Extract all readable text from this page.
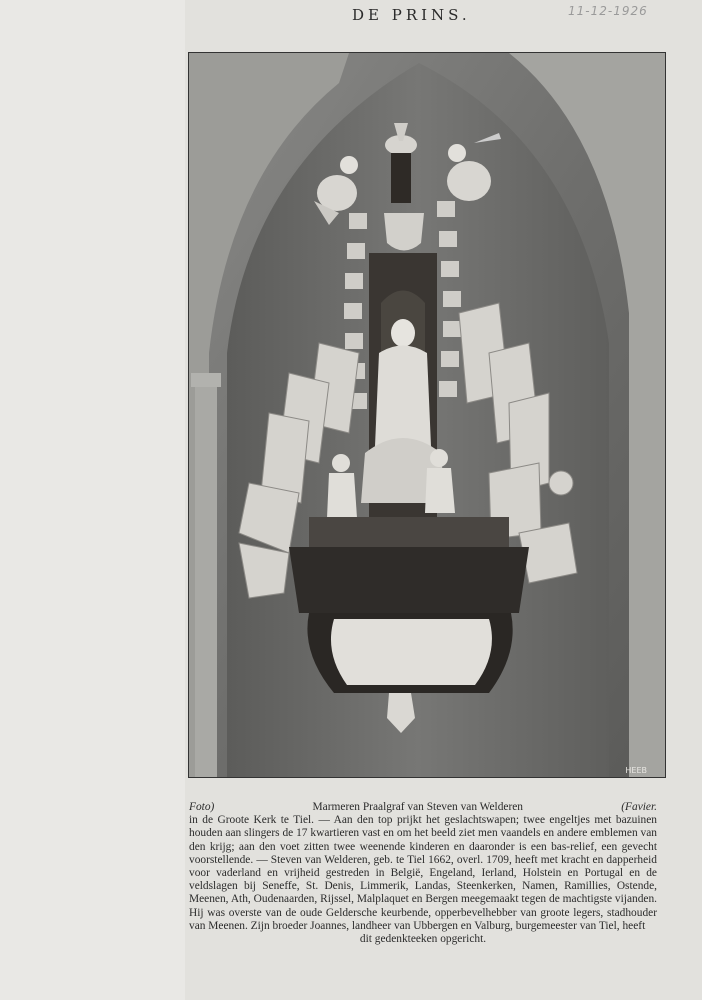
DE PRINS.	11-12-1926
HEEB
Foto)	Marmeren Praalgraf van Steven van Welderen	(Favier.
in de Groote Kerk te Tiel. — Aan den top prijkt het geslachtswapen; twee engeltjes met bazuinen houden aan slingers de 17 kwartieren vast en om het beeld ziet men vaandels en andere emblemen van den krijg; aan den voet zitten twee weenende kinderen en daaronder is een bas-relief, een gevecht voorstellende. — Steven van Welderen, geb. te Tiel 1662, overl. 1709, heeft met kracht en dapperheid voor vaderland en vrijheid gestreden in België, Engeland, Ierland, Holstein en Portugal en de veldslagen bij Seneffe, St. Denis, Limmerik, Landas, Steenkerken, Namen, Ramillies, Ostende, Meenen, Ath, Oudenaarden, Rijssel, Malplaquet en Bergen meegemaakt tegen de machtigste vijanden. Hij was overste van de oude Geldersche keurbende, opperbevelhebber van groote legers, stadhouder van Meenen. Zijn broeder Joannes, landheer van Ubbergen en Valburg, burgemeester van Tiel, heeft
dit gedenkteeken opgericht.
